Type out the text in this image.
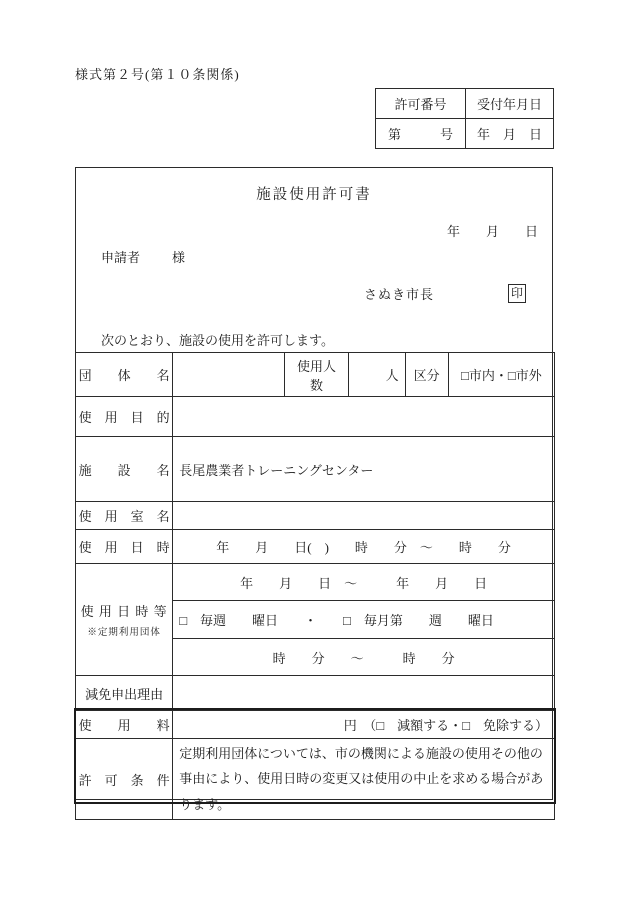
様式第２号(第１０条関係)
許可番号	受付年月日
第　　　号	年　月　日
施設使用許可書
年　　月　　日
申請者 様
さぬき市長	印
次のとおり、施設の使用を許可します。
団　　体　　名		使用人数	人	区分	□市内・□市外
使　用　目　的					
施　　設　　名	長尾農業者トレーニングセンター				
使　用　室　名					
使　用　日　時	年　　月　　日(　)　　時　　分　～　　時　　分				

使 用 日 時 等
※定期利用団体	年　　月　　日　～　　　年　　月　　日				
	□　毎週　　曜日　　・　　□　毎月第　　週　　曜日				
	時　　分　　～　　　時　　分				
減免申出理由					
使　　用　　料	円　（□　減額する・□　免除する）				
許　可　条　件	定期利用団体については、市の機関による施設の使用その他の事由により、使用日時の変更又は使用の中止を求める場合があります。				
